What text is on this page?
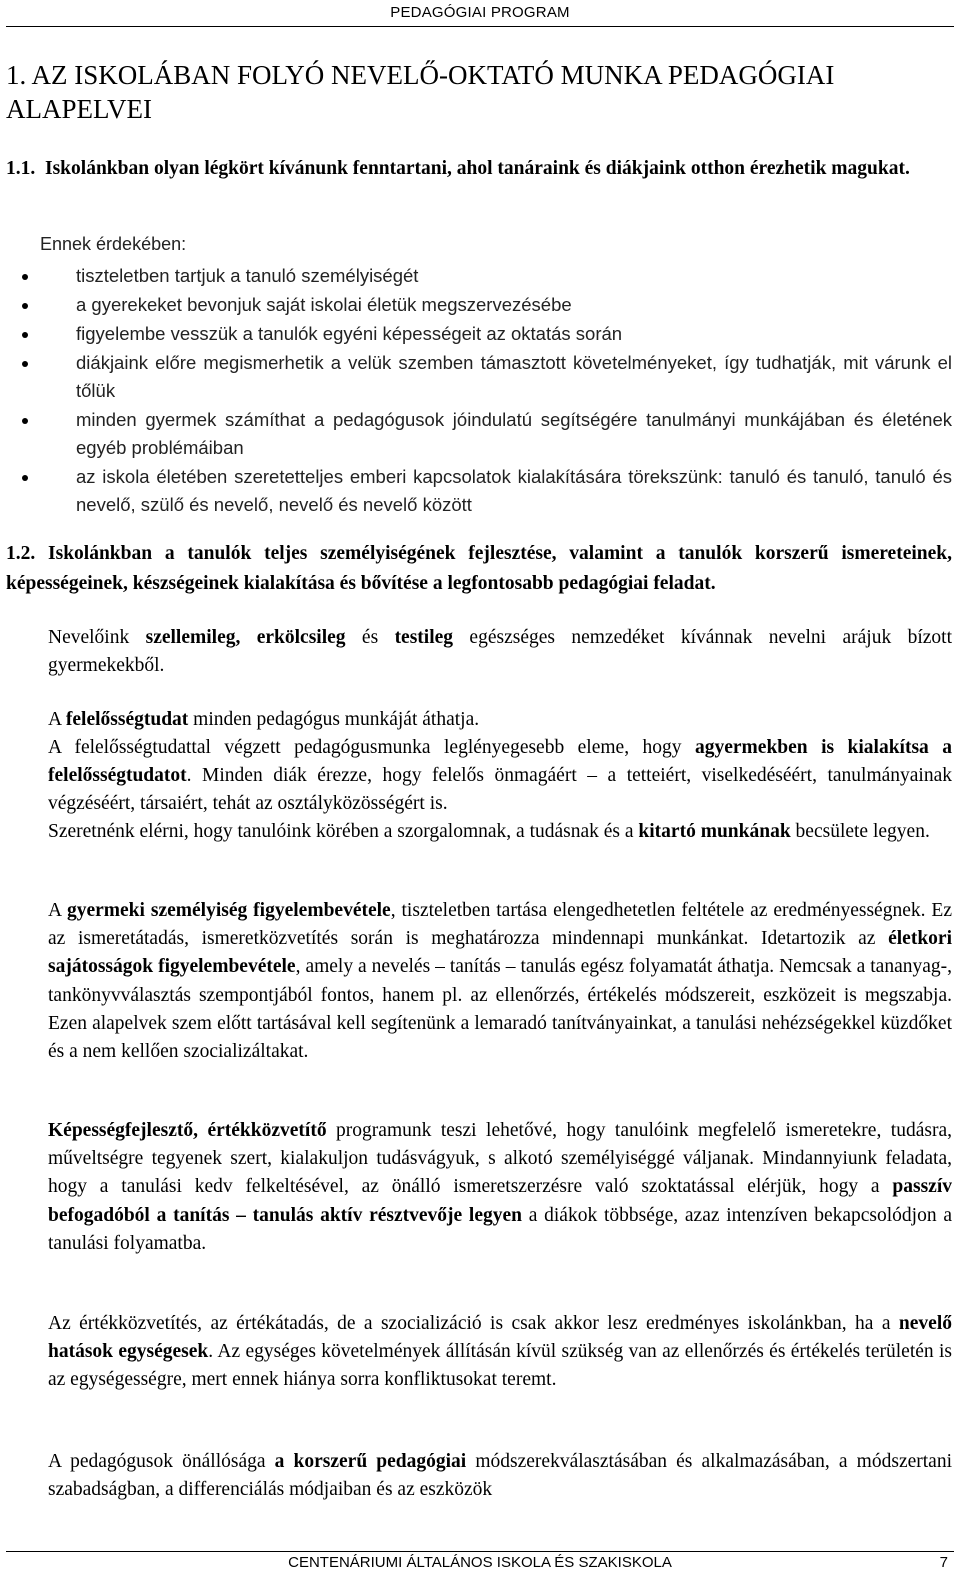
PEDAGÓGIAI PROGRAM
1. AZ ISKOLÁBAN FOLYÓ NEVELŐ-OKTATÓ MUNKA PEDAGÓGIAI ALAPELVEI
1.1. Iskolánkban olyan légkört kívánunk fenntartani, ahol tanáraink és diákjaink otthon érezhetik magukat.
Ennek érdekében:
tiszteletben tartjuk a tanuló személyiségét
a gyerekeket bevonjuk saját iskolai életük megszervezésébe
figyelembe vesszük a tanulók egyéni képességeit az oktatás során
diákjaink előre megismerhetik a velük szemben támasztott követelményeket, így tudhatják, mit várunk el tőlük
minden gyermek számíthat a pedagógusok jóindulatú segítségére tanulmányi munkájában és életének egyéb problémáiban
az iskola életében szeretetteljes emberi kapcsolatok kialakítására törekszünk: tanuló és tanuló, tanuló és nevelő, szülő és nevelő, nevelő és nevelő között
1.2. Iskolánkban a tanulók teljes személyiségének fejlesztése, valamint a tanulók korszerű ismereteinek, képességeinek, készségeinek kialakítása és bővítése a legfontosabb pedagógiai feladat.
Nevelőink szellemileg, erkölcsileg és testileg egészséges nemzedéket kívánnak nevelni arájuk bízott gyermekekből.
A felelősségtudat minden pedagógus munkáját áthatja.
A felelősségtudattal végzett pedagógusmunka leglényegesebb eleme, hogy agyermekben is kialakítsa a felelősségtudatot. Minden diák érezze, hogy felelős önmagáért – a tetteiért, viselkedéséért, tanulmányainak végzéséért, társaiért, tehát az osztályközösségért is.
Szeretnénk elérni, hogy tanulóink körében a szorgalomnak, a tudásnak és a kitartó munkának becsülete legyen.
A gyermeki személyiség figyelembevétele, tiszteletben tartása elengedhetetlen feltétele az eredményességnek. Ez az ismeretátadás, ismeretközvetítés során is meghatározza mindennapi munkánkat. Idetartozik az életkori sajátosságok figyelembevétele, amely a nevelés – tanítás – tanulás egész folyamatát áthatja. Nemcsak a tananyag-, tankönyvválasztás szempontjából fontos, hanem pl. az ellenőrzés, értékelés módszereit, eszközeit is megszabja. Ezen alapelvek szem előtt tartásával kell segítenünk a lemaradó tanítványainkat, a tanulási nehézségekkel küzdőket és a nem kellően szocializáltakat.
Képességfejlesztő, értékközvetítő programunk teszi lehetővé, hogy tanulóink megfelelő ismeretekre, tudásra, műveltségre tegyenek szert, kialakuljon tudásvágyuk, s alkotó személyiséggé váljanak. Mindannyiunk feladata, hogy a tanulási kedv felkeltésével, az önálló ismeretszerzésre való szoktatással elérjük, hogy a passzív befogadóból a tanítás – tanulás aktív résztvevője legyen a diákok többsége, azaz intenzíven bekapcsolódjon a tanulási folyamatba.
Az értékközvetítés, az értékátadás, de a szocializáció is csak akkor lesz eredményes iskolánkban, ha a nevelő hatások egységesek. Az egységes követelmények állításán kívül szükség van az ellenőrzés és értékelés területén is az egységességre, mert ennek hiánya sorra konfliktusokat teremt.
A pedagógusok önállósága a korszerű pedagógiai módszerekválasztásában és alkalmazásában, a módszertani szabadságban, a differenciálás módjaiban és az eszközök
CENTENÁRIUMI ÁLTALÁNOS ISKOLA ÉS SZAKISKOLA	7
